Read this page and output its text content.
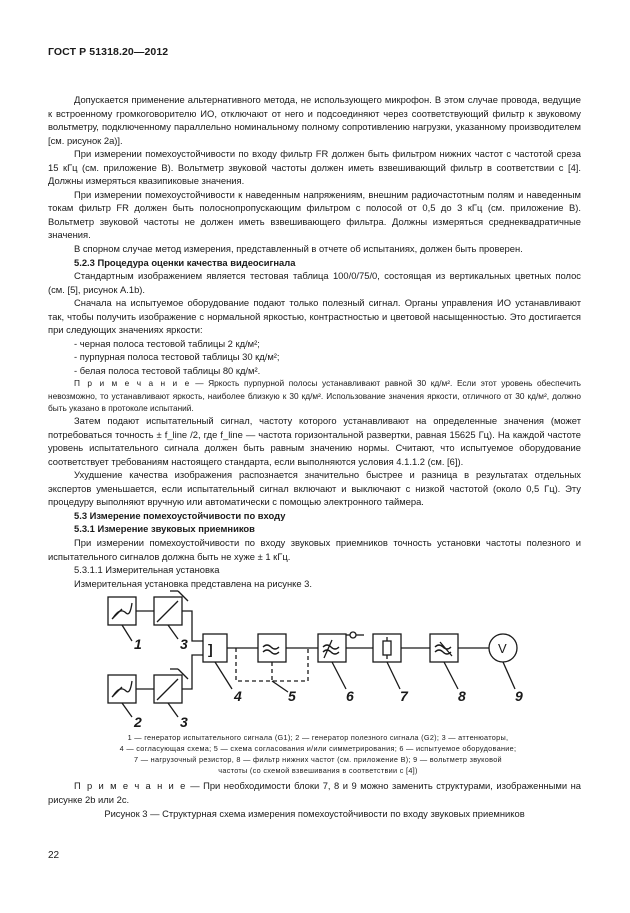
ГОСТ Р 51318.20—2012

Допускается применение альтернативного метода, не использующего микрофон. В этом случае провода, ведущие к встроенному громкоговорителю ИО, отключают от него и подсоединяют через соответствующий фильтр к звуковому вольтметру, подключенному параллельно номинальному полному сопротивлению нагрузки, указанному производителем [см. рисунок 2а)].

При измерении помехоустойчивости по входу фильтр FR должен быть фильтром нижних частот с частотой среза 15 кГц (см. приложение В). Вольтметр звуковой частоты должен иметь взвешивающий фильтр в соответствии с [4]. Должны измеряться квазипиковые значения.

При измерении помехоустойчивости к наведенным напряжениям, внешним радиочастотным полям и наведенным токам фильтр FR должен быть полоснопропускающим фильтром с полосой от 0,5 до 3 кГц (см. приложение В). Вольтметр звуковой частоты не должен иметь взвешивающего фильтра. Должны измеряться среднеквадратичные значения.

В спорном случае метод измерения, представленный в отчете об испытаниях, должен быть проверен.

5.2.3 Процедура оценки качества видеосигнала

Стандартным изображением является тестовая таблица 100/0/75/0, состоящая из вертикальных цветных полос (см. [5], рисунок А.1b).

Сначала на испытуемое оборудование подают только полезный сигнал. Органы управления ИО устанавливают так, чтобы получить изображение с нормальной яркостью, контрастностью и цветовой насыщенностью. Это достигается при следующих значениях яркости:

- черная полоса тестовой таблицы 2 кд/м²;

- пурпурная полоса тестовой таблицы 30 кд/м²;

- белая полоса тестовой таблицы 80 кд/м².

П р и м е ч а н и е — Яркость пурпурной полосы устанавливают равной 30 кд/м². Если этот уровень обеспечить невозможно, то устанавливают яркость, наиболее близкую к 30 кд/м². Использование значения яркости, отличного от 30 кд/м², должно быть указано в протоколе испытаний.

Затем подают испытательный сигнал, частоту которого устанавливают на определенные значения (может потребоваться точность ± f_line /2, где f_line — частота горизонтальной развертки, равная 15625 Гц). На каждой частоте уровень испытательного сигнала должен быть равным значению нормы. Считают, что испытуемое оборудование соответствует требованиям настоящего стандарта, если выполняются условия 4.1.1.2 (см. [6]).

Ухудшение качества изображения распознается значительно быстрее и разница в результатах отдельных экспертов уменьшается, если испытательный сигнал включают и выключают с низкой частотой (около 0,5 Гц). Эту процедуру выполняют вручную или автоматически с помощью электронного таймера.

5.3 Измерение помехоустойчивости по входу

5.3.1 Измерение звуковых приемников

При измерении помехоустойчивости по входу звуковых приемников точность установки частоты полезного и испытательного сигналов должна быть не хуже ± 1 кГц.

5.3.1.1 Измерительная установка

Измерительная установка представлена на рисунке 3.

1
2
3
3
4	5	6	7	8	9
]	V
1 — генератор испытательного сигнала (G1); 2 — генератор полезного сигнала (G2); 3 — аттенюаторы,
4 — согласующая схема; 5 — схема согласования и/или симметрирования; 6 — испытуемое оборудование;
7 — нагрузочный резистор, 8 — фильтр нижних частот (см. приложение В); 9 — вольтметр звуковой
частоты (со схемой взвешивания в соответствии с [4])

П р и м е ч а н и е — При необходимости блоки 7, 8 и 9 можно заменить структурами, изображенными на рисунке 2b или 2c.

Рисунок 3 — Структурная схема измерения помехоустойчивости по входу звуковых приемников
22
